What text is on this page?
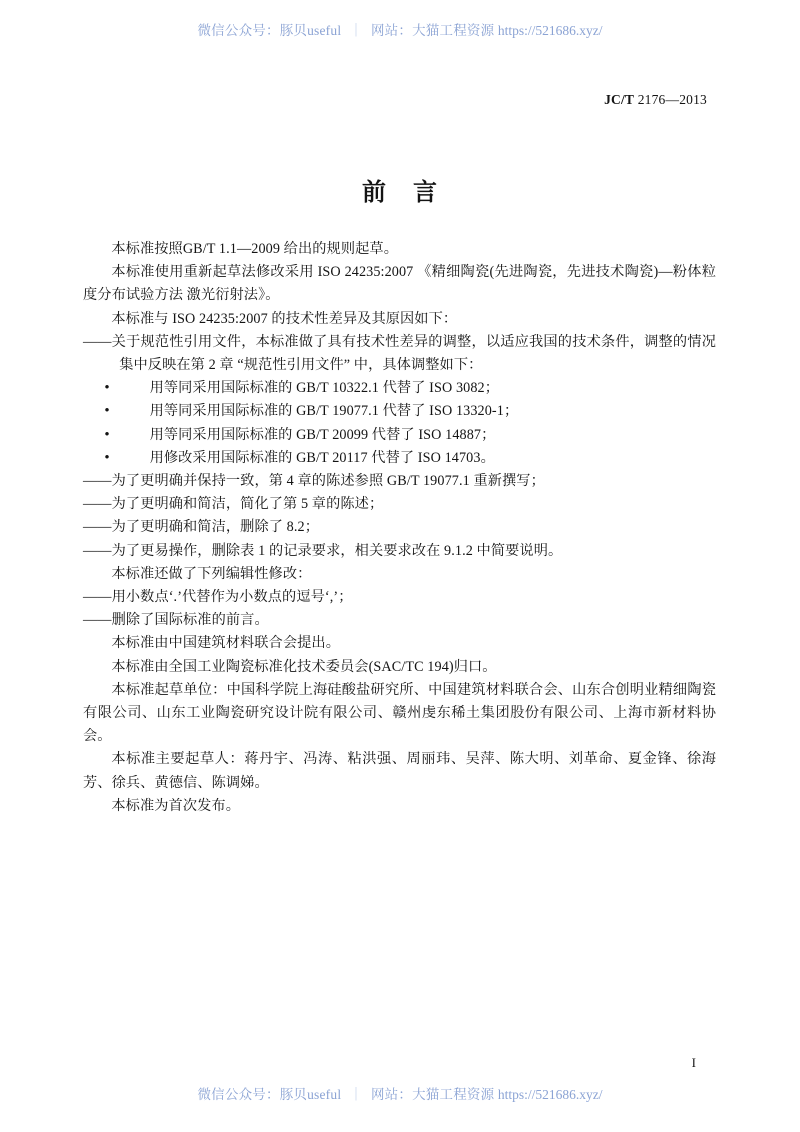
微信公众号：豚贝useful ｜ 网站：大猫工程资源 https://521686.xyz/
JC/T 2176—2013
前 言

本标准按照GB/T 1.1—2009 给出的规则起草。

本标准使用重新起草法修改采用 ISO 24235:2007 《精细陶瓷(先进陶瓷，先进技术陶瓷)—粉体粒度分布试验方法 激光衍射法》。

本标准与 ISO 24235:2007 的技术性差异及其原因如下：

——关于规范性引用文件，本标准做了具有技术性差异的调整，以适应我国的技术条件，调整的情况集中反映在第 2 章 “规范性引用文件” 中，具体调整如下：

•	用等同采用国际标准的 GB/T 10322.1 代替了 ISO 3082；

•	用等同采用国际标准的 GB/T 19077.1 代替了 ISO 13320-1；

•	用等同采用国际标准的 GB/T 20099 代替了 ISO 14887；

•	用修改采用国际标准的 GB/T 20117 代替了 ISO 14703。

——为了更明确并保持一致，第 4 章的陈述参照 GB/T 19077.1 重新撰写；

——为了更明确和简洁，简化了第 5 章的陈述；

——为了更明确和简洁，删除了 8.2；

——为了更易操作，删除表 1 的记录要求，相关要求改在 9.1.2 中简要说明。

本标准还做了下列编辑性修改：

——用小数点‘.’代替作为小数点的逗号‘,’；

——删除了国际标准的前言。

本标准由中国建筑材料联合会提出。

本标准由全国工业陶瓷标准化技术委员会(SAC/TC 194)归口。

本标准起草单位：中国科学院上海硅酸盐研究所、中国建筑材料联合会、山东合创明业精细陶瓷有限公司、山东工业陶瓷研究设计院有限公司、赣州虔东稀土集团股份有限公司、上海市新材料协会。

本标准主要起草人：蒋丹宇、冯涛、粘洪强、周丽玮、吴萍、陈大明、刘革命、夏金锋、徐海芳、徐兵、黄德信、陈调娣。

本标准为首次发布。

I
微信公众号：豚贝useful ｜ 网站：大猫工程资源 https://521686.xyz/
